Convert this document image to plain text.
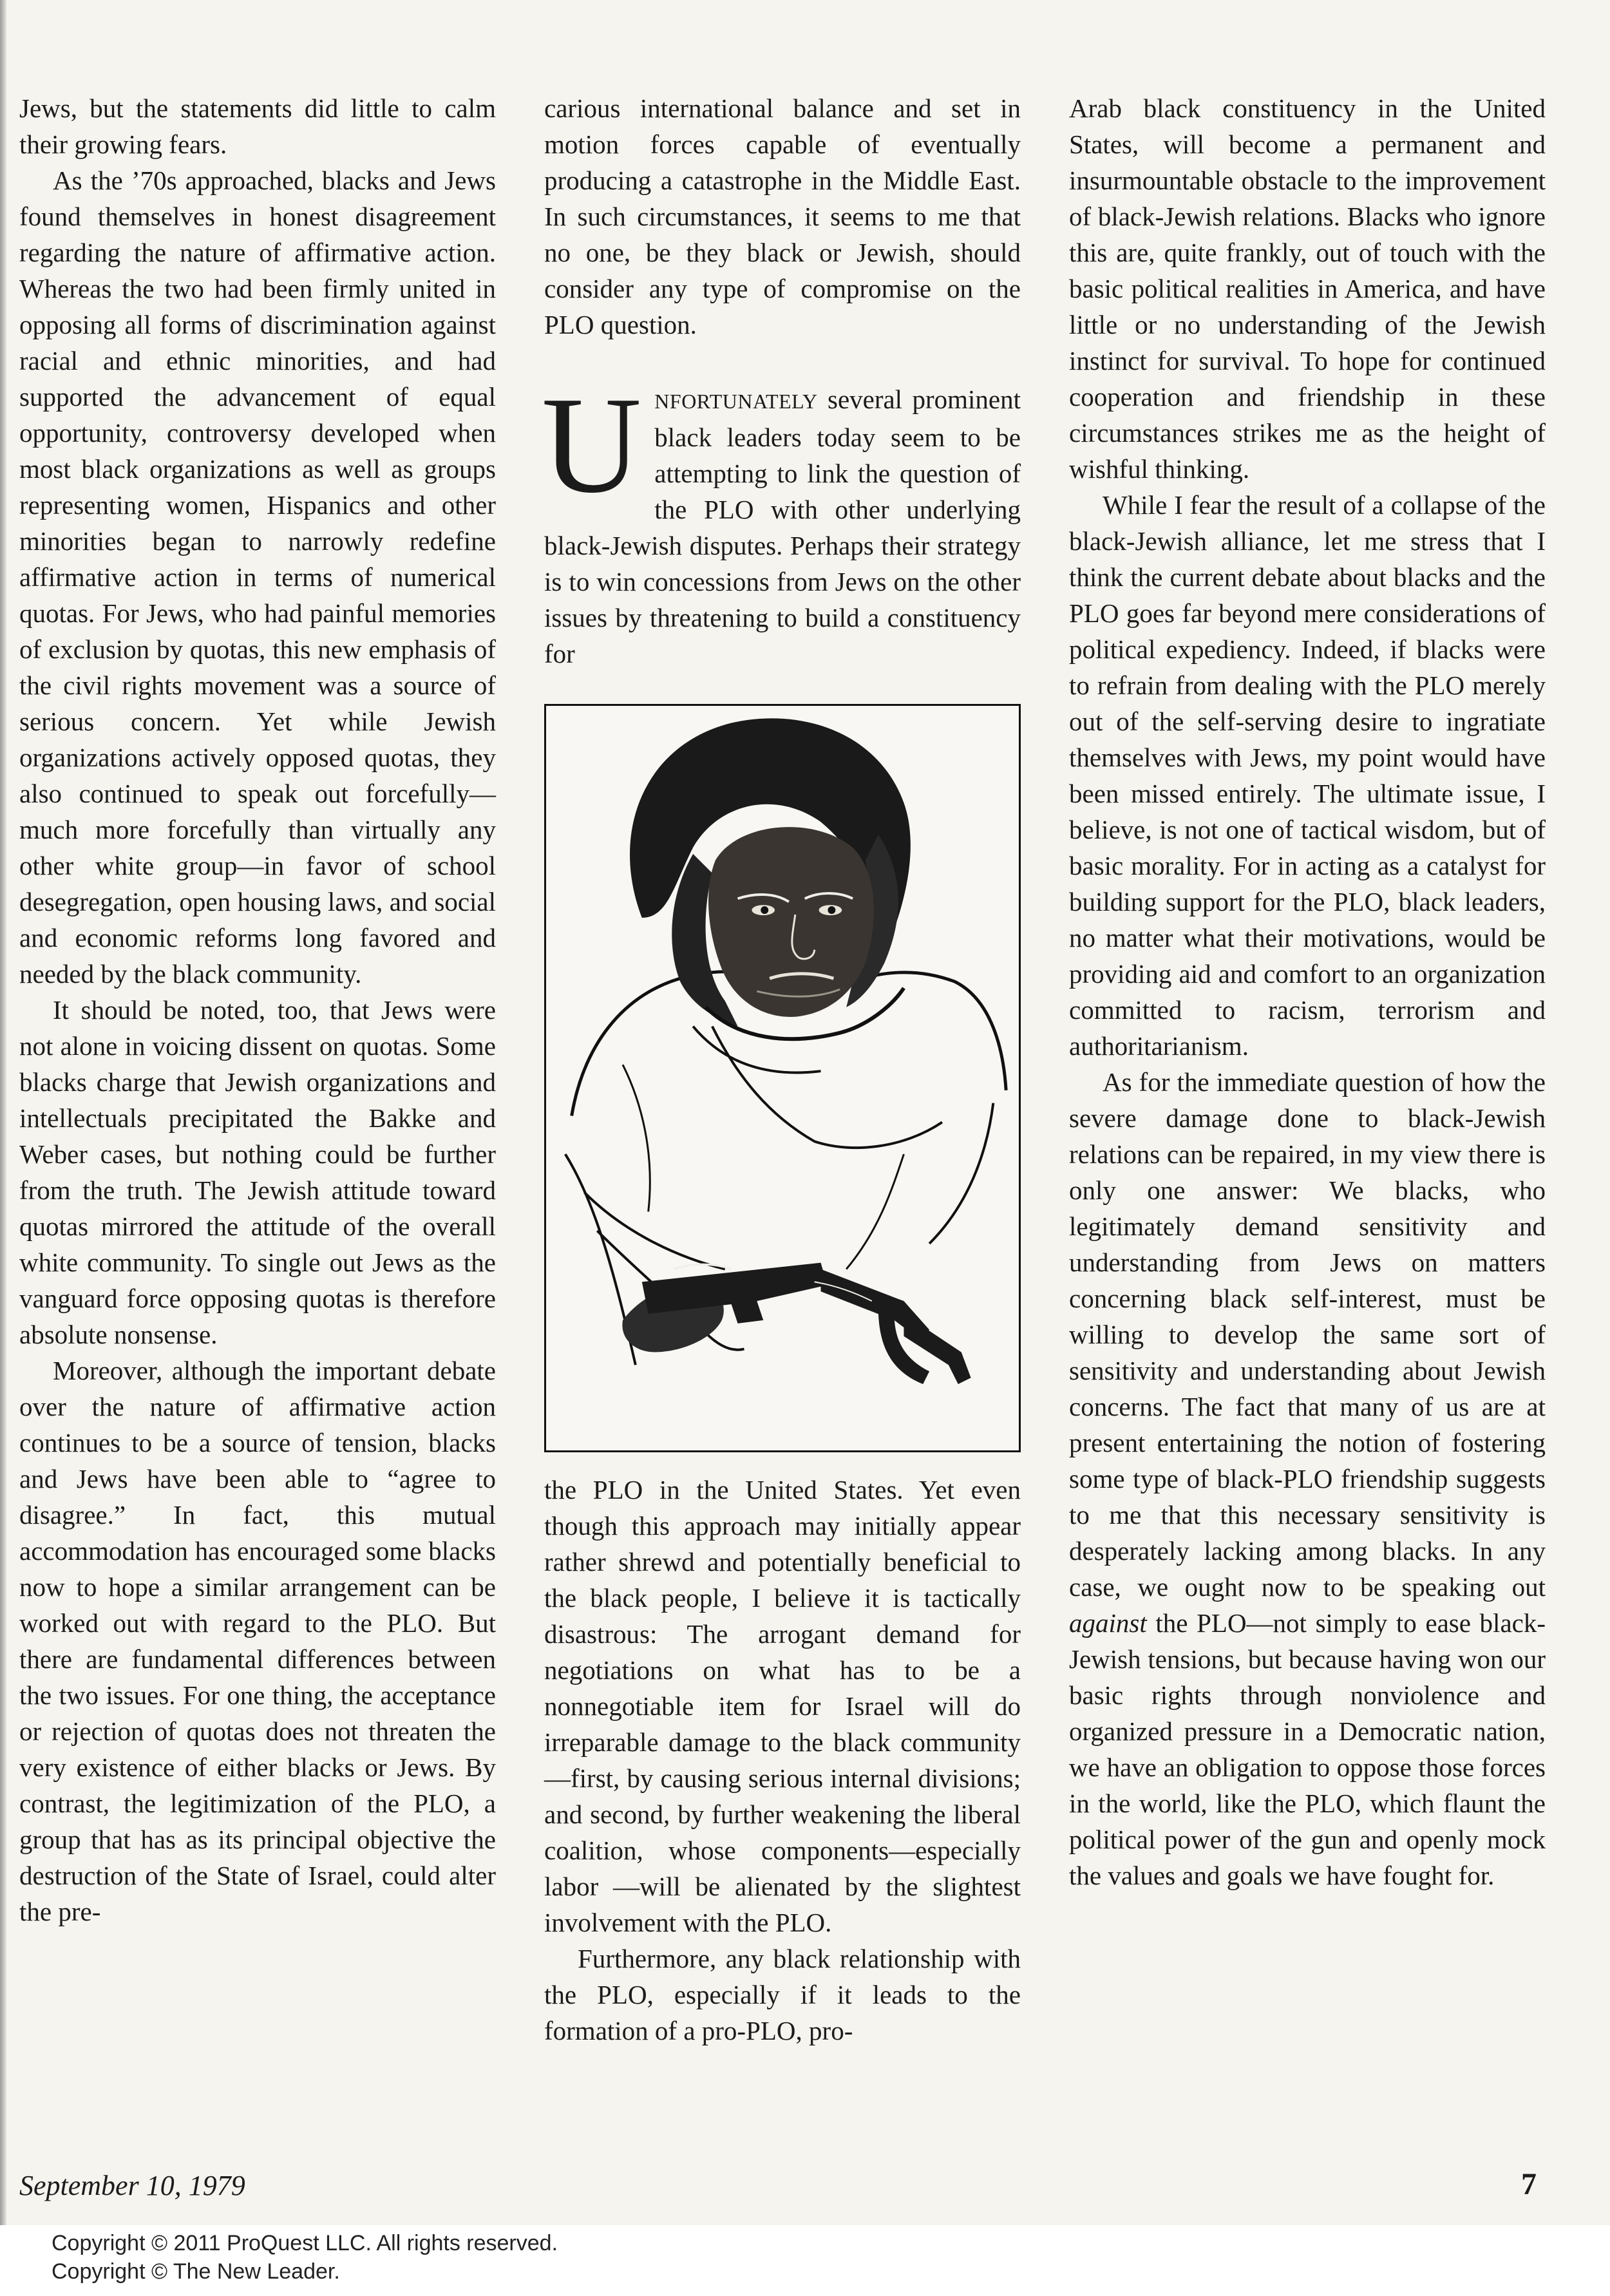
Jews, but the statements did little to calm their growing fears.

As the ’70s approached, blacks and Jews found themselves in honest disagreement regarding the nature of affirmative action. Whereas the two had been firmly united in opposing all forms of discrimination against racial and ethnic minorities, and had supported the advancement of equal opportunity, controversy developed when most black organizations as well as groups representing women, Hispanics and other minorities began to narrowly redefine affirmative action in terms of numerical quotas. For Jews, who had painful memories of exclusion by quotas, this new emphasis of the civil rights movement was a source of serious concern. Yet while Jewish organizations actively opposed quotas, they also continued to speak out forcefully—much more forcefully than virtually any other white group—in favor of school desegregation, open housing laws, and social and economic reforms long favored and needed by the black community.

It should be noted, too, that Jews were not alone in voicing dissent on quotas. Some blacks charge that Jewish organizations and intellectuals precipitated the Bakke and Weber cases, but nothing could be further from the truth. The Jewish attitude toward quotas mirrored the attitude of the overall white community. To single out Jews as the vanguard force opposing quotas is therefore absolute nonsense.

Moreover, although the important debate over the nature of affirmative action continues to be a source of tension, blacks and Jews have been able to “agree to disagree.” In fact, this mutual accommodation has encouraged some blacks now to hope a similar arrangement can be worked out with regard to the PLO. But there are fundamental differences between the two issues. For one thing, the acceptance or rejection of quotas does not threaten the very existence of either blacks or Jews. By contrast, the legitimization of the PLO, a group that has as its principal objective the destruction of the State of Israel, could alter the pre-

carious international balance and set in motion forces capable of eventually producing a catastrophe in the Middle East. In such circumstances, it seems to me that no one, be they black or Jewish, should consider any type of compromise on the PLO question.

UNFORTUNATELY several prominent black leaders today seem to be attempting to link the question of the PLO with other underlying black-Jewish disputes. Perhaps their strategy is to win concessions from Jews on the other issues by threatening to build a constituency for

the PLO in the United States. Yet even though this approach may initially appear rather shrewd and potentially beneficial to the black people, I believe it is tactically disastrous: The arrogant demand for negotiations on what has to be a nonnegotiable item for Israel will do irreparable damage to the black community—first, by causing serious internal divisions; and second, by further weakening the liberal coalition, whose components—especially labor —will be alienated by the slightest involvement with the PLO.

Furthermore, any black relationship with the PLO, especially if it leads to the formation of a pro-PLO, pro-

Arab black constituency in the United States, will become a permanent and insurmountable obstacle to the improvement of black-Jewish relations. Blacks who ignore this are, quite frankly, out of touch with the basic political realities in America, and have little or no understanding of the Jewish instinct for survival. To hope for continued cooperation and friendship in these circumstances strikes me as the height of wishful thinking.

While I fear the result of a collapse of the black-Jewish alliance, let me stress that I think the current debate about blacks and the PLO goes far beyond mere considerations of political expediency. Indeed, if blacks were to refrain from dealing with the PLO merely out of the self-serving desire to ingratiate themselves with Jews, my point would have been missed entirely. The ultimate issue, I believe, is not one of tactical wisdom, but of basic morality. For in acting as a catalyst for building support for the PLO, black leaders, no matter what their motivations, would be providing aid and comfort to an organization committed to racism, terrorism and authoritarianism.

As for the immediate question of how the severe damage done to black-Jewish relations can be repaired, in my view there is only one answer: We blacks, who legitimately demand sensitivity and understanding from Jews on matters concerning black self-interest, must be willing to develop the same sort of sensitivity and understanding about Jewish concerns. The fact that many of us are at present entertaining the notion of fostering some type of black-PLO friendship suggests to me that this necessary sensitivity is desperately lacking among blacks. In any case, we ought now to be speaking out against the PLO—not simply to ease black-Jewish tensions, but because having won our basic rights through nonviolence and organized pressure in a Democratic nation, we have an obligation to oppose those forces in the world, like the PLO, which flaunt the political power of the gun and openly mock the values and goals we have fought for.

September 10, 1979	7
Copyright © 2011 ProQuest LLC. All rights reserved.
Copyright © The New Leader.
